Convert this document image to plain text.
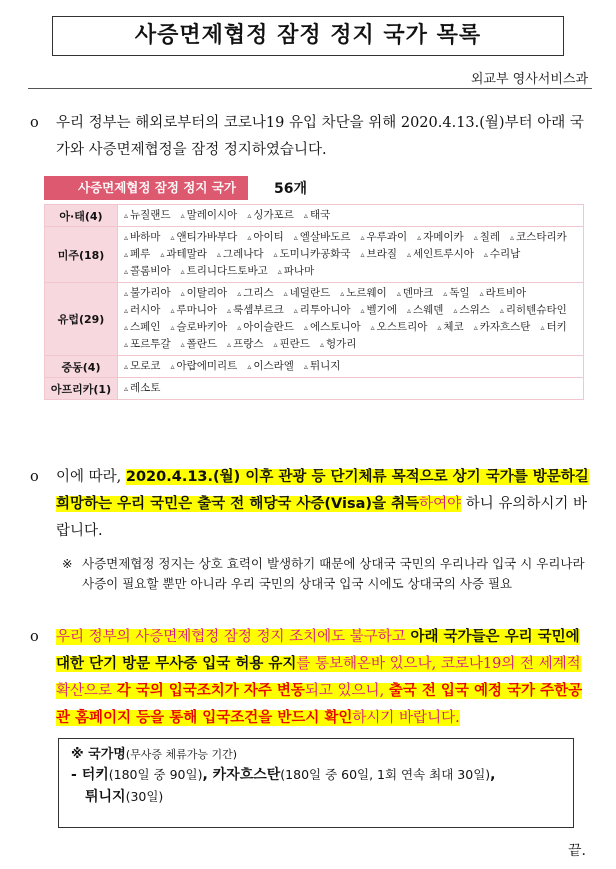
사증면제협정 잠정 정지 국가 목록
외교부 영사서비스과
o 우리 정부는 해외로부터의 코로나19 유입 차단을 위해 2020.4.13.(월)부터 아래 국가와 사증면제협정을 잠정 정지하였습니다.
사증면제협정 잠정 정지 국가	56개
아·태(4)	▵ 뉴질랜드 ▵ 말레이시아 ▵ 싱가포르 ▵ 태국
미주(18)	▵ 바하마 ▵ 앤티가바부다 ▵ 아이티 ▵ 엘살바도르 ▵ 우루과이 ▵ 자메이카 ▵ 칠레 ▵ 코스타리카▵ 페루 ▵ 과테말라 ▵ 그레나다 ▵ 도미니카공화국 ▵ 브라질 ▵ 세인트루시아 ▵ 수리남▵ 콜롬비아 ▵ 트리니다드토바고 ▵ 파나마
유럽(29)	▵ 불가리아 ▵ 이탈리아 ▵ 그리스 ▵ 네덜란드 ▵ 노르웨이 ▵ 덴마크 ▵ 독일 ▵ 라트비아▵ 러시아 ▵ 루마니아 ▵ 룩셈부르크 ▵ 리투아니아 ▵ 벨기에 ▵ 스웨덴 ▵ 스위스 ▵ 리히텐슈타인▵ 스페인 ▵ 슬로바키아 ▵ 아이슬란드 ▵ 에스토니아 ▵ 오스트리아 ▵ 체코 ▵ 카자흐스탄 ▵ 터키▵ 포르투갈 ▵ 폴란드 ▵ 프랑스 ▵ 핀란드 ▵ 헝가리
중동(4)	▵ 모로코 ▵ 아랍에미리트 ▵ 이스라엘 ▵ 튀니지
아프리카(1)	▵ 레소토
o 이에 따라, 2020.4.13.(월) 이후 관광 등 단기체류 목적으로 상기 국가를 방문하길 희망하는 우리 국민은 출국 전 해당국 사증(Visa)을 취득하여야 하니 유의하시기 바랍니다.
※ 사증면제협정 정지는 상호 효력이 발생하기 때문에 상대국 국민의 우리나라 입국 시 우리나라 사증이 필요할 뿐만 아니라 우리 국민의 상대국 입국 시에도 상대국의 사증 필요
o 우리 정부의 사증면제협정 잠정 정지 조치에도 불구하고 아래 국가들은 우리 국민에 대한 단기 방문 무사증 입국 허용 유지를 통보해온바 있으나, 코로나19의 전 세계적 확산으로 각 국의 입국조치가 자주 변동되고 있으니, 출국 전 입국 예정 국가 주한공관 홈페이지 등을 통해 입국조건을 반드시 확인하시기 바랍니다.
※ 국가명(무사증 체류가능 기간)
- 터키(180일 중 90일), 카자흐스탄(180일 중 60일, 1회 연속 최대 30일),
튀니지(30일)
끝.
